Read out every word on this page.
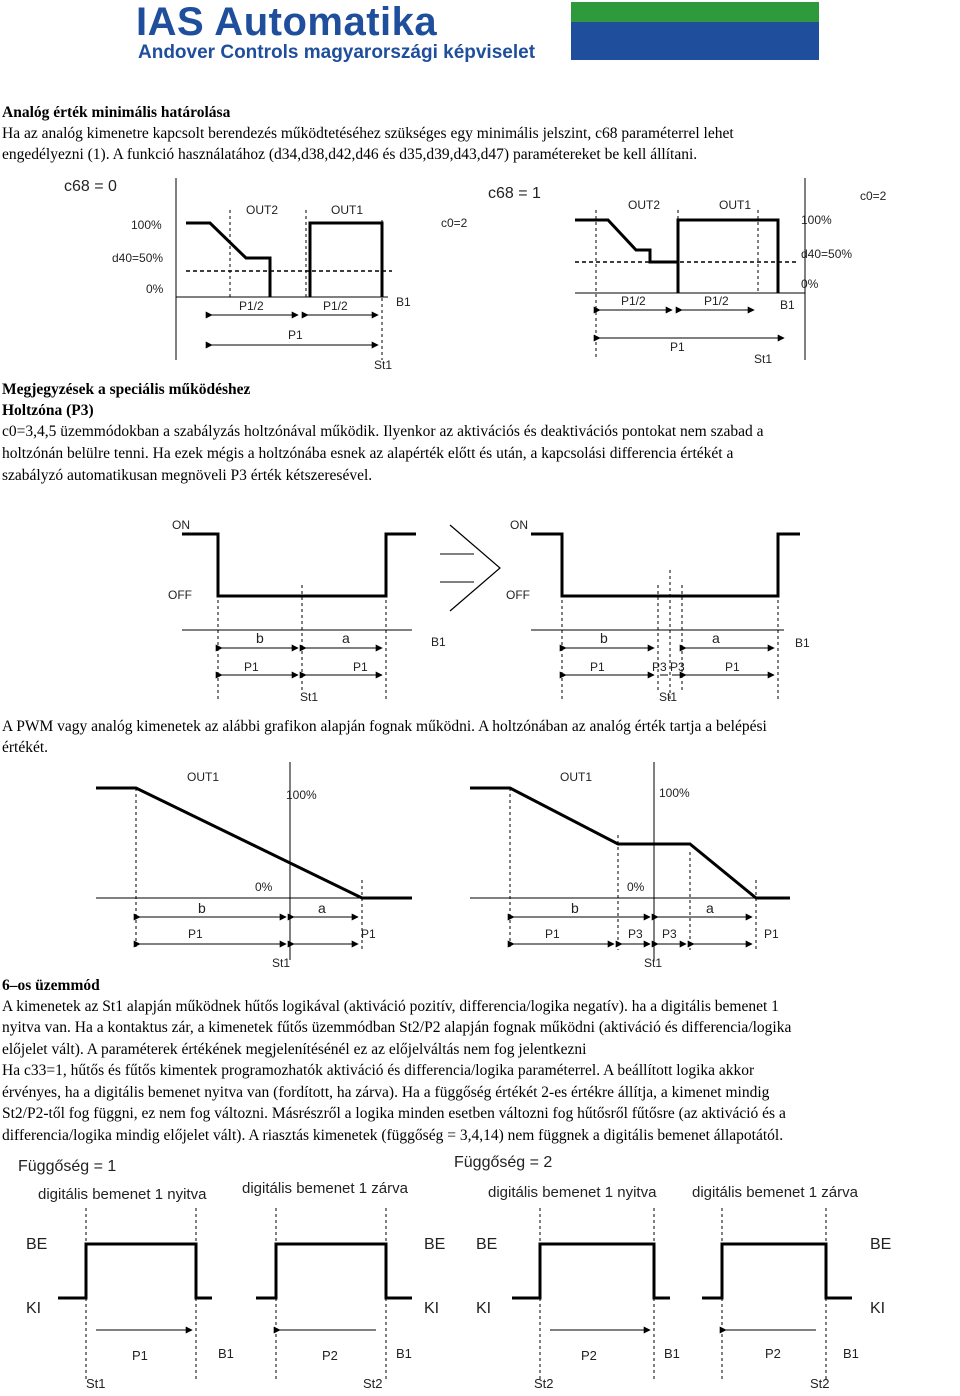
IAS Automatika
Andover Controls magyarországi képviselet
Analóg érték minimális határolása
Ha az analóg kimenetre kapcsolt berendezés működtetéséhez szükséges egy minimális jelszint, c68 paraméterrel lehet
engedélyezni (1). A funkció használatához (d34,d38,d42,d46 és d35,d39,d43,d47) paramétereket be kell állítani.
c68 = 0
100%
d40=50%
0%
OUT2	OUT1
P1/2	P1/2	B1
P1
St1
c68 = 1
c0=2
c0=2
100%
d40=50%
0%
OUT2	OUT1
P1/2	P1/2	B1
P1
St1
Megjegyzések a speciális működéshez
Holtzóna (P3)
c0=3,4,5 üzemmódokban a szabályzás holtzónával működik. Ilyenkor az aktivációs és deaktivációs pontokat nem szabad a
holtzónán belülre tenni. Ha ezek mégis a holtzónába esnek az alapérték előtt és után, a kapcsolási differencia értékét a
szabályzó automatikusan megnöveli P3 érték kétszeresével.
ON
OFF
b	a	B1
P1	P1
St1
ON
OFF
b	a	B1
P1	P3 P3	P1
St1
A PWM vagy analóg kimenetek az alábbi grafikon alapján fognak működni. A holtzónában az analóg érték tartja a belépési
értékét.
OUT1
100%
0%
b	a
P1	P1
St1
OUT1
100%
0%
b	a
P1	P3 P3	P1
St1
6–os üzemmód
A kimenetek az St1 alapján működnek hűtős logikával (aktiváció pozitív, differencia/logika negatív). ha a digitális bemenet 1
nyitva van. Ha a kontaktus zár, a kimenetek fűtős üzemmódban St2/P2 alapján fognak működni (aktiváció és differencia/logika
előjelet vált). A paraméterek értékének megjelenítésénél ez az előjelváltás nem fog jelentkezni
Ha c33=1, hűtős és fűtős kimentek programozhatók aktiváció és differencia/logika paraméterrel. A beállított logika akkor
érvényes, ha a digitális bemenet nyitva van (fordított, ha zárva). Ha a függőség értékét 2-es értékre állítja, a kimenet mindig
St2/P2-től fog függni, ez nem fog változni. Másrészről a logika minden esetben változni fog hűtősről fűtősre (az aktiváció és a
differencia/logika mindig előjelet vált). A riasztás kimenetek (függőség = 3,4,14) nem függnek a digitális bemenet állapotától.
Függőség = 1
digitális bemenet 1 nyitva digitális bemenet 1 zárva
BE
KI
BE
KI
P1	B1	P2	B1
St1	St2
Függőség = 2
digitális bemenet 1 nyitva digitális bemenet 1 zárva
BE
KI
BE
KI
P2	B1	P2	B1
St2	St2
